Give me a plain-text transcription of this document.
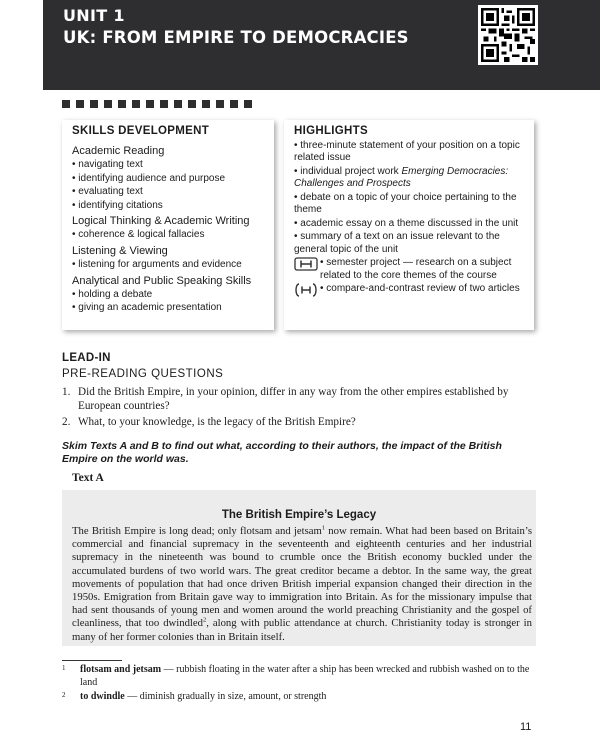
UNIT 1
UK: FROM EMPIRE TO DEMOCRACIES
SKILLS DEVELOPMENT
Academic Reading
• navigating text
• identifying audience and purpose
• evaluating text
• identifying citations
Logical Thinking & Academic Writing
• coherence & logical fallacies
Listening & Viewing
• listening for arguments and evidence
Analytical and Public Speaking Skills
• holding a debate
• giving an academic presentation
HIGHLIGHTS
• three-minute statement of your position on a topic related issue
• individual project work Emerging Democracies: Challenges and Prospects
• debate on a topic of your choice pertaining to the theme
• academic essay on a theme discussed in the unit
• summary of a text on an issue relevant to the general topic of the unit
• semester project — research on a subject related to the core themes of the course
• compare-and-contrast review of two articles
LEAD-IN
PRE-READING QUESTIONS
1. Did the British Empire, in your opinion, differ in any way from the other empires established by European countries?
2. What, to your knowledge, is the legacy of the British Empire?
Skim Texts A and B to find out what, according to their authors, the impact of the British Empire on the world was.
Text A
The British Empire’s Legacy
The British Empire is long dead; only flotsam and jetsam$^1$ now remain. What had been based on Britain’s commercial and financial supremacy in the seventeenth and eighteenth centuries and her industrial supremacy in the nineteenth was bound to crumble once the British economy buckled under the accumulated burdens of two world wars. The great creditor became a debtor. In the same way, the great movements of population that had once driven British imperial expansion changed their direction in the 1950s. Emigration from Britain gave way to immigration into Britain. As for the missionary impulse that had sent thousands of young men and women around the world preaching Christianity and the gospel of cleanliness, that too dwindled$^2$, along with public attendance at church. Christianity today is stronger in many of her former colonies than in Britain itself.
1 flotsam and jetsam — rubbish floating in the water after a ship has been wrecked and rubbish washed on to the land
2 to dwindle — diminish gradually in size, amount, or strength
11
